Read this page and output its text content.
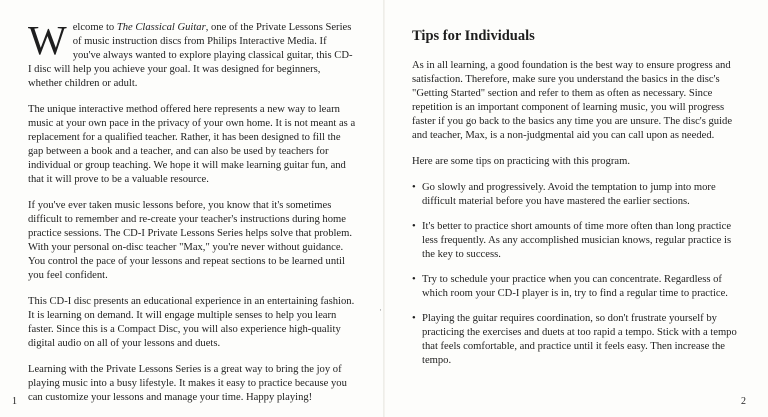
Welcome to The Classical Guitar, one of the Private Lessons Series of music instruction discs from Philips Interactive Media. If you've always wanted to explore playing classical guitar, this CD-I disc will help you achieve your goal. It was designed for beginners, whether children or adult.

The unique interactive method offered here represents a new way to learn music at your own pace in the privacy of your own home. It is not meant as a replacement for a qualified teacher. Rather, it has been designed to fill the gap between a book and a teacher, and can also be used by teachers for individual or group teaching. We hope it will make learning guitar fun, and that it will prove to be a valuable resource.

If you've ever taken music lessons before, you know that it's sometimes difficult to remember and re-create your teacher's instructions during home practice sessions. The CD-I Private Lessons Series helps solve that problem. With your personal on-disc teacher "Max," you're never without guidance. You control the pace of your lessons and repeat sections to be learned until you feel confident.

This CD-I disc presents an educational experience in an entertaining fashion. It is learning on demand. It will engage multiple senses to help you learn faster. Since this is a Compact Disc, you will also experience high-quality digital audio on all of your lessons and duets.

Learning with the Private Lessons Series is a great way to bring the joy of playing music into a busy lifestyle. It makes it easy to practice because you can customize your lessons and manage your time. Happy playing!

1
·
Tips for Individuals

As in all learning, a good foundation is the best way to ensure progress and satisfaction. Therefore, make sure you understand the basics in the disc's "Getting Started" section and refer to them as often as necessary. Since repetition is an important component of learning music, you will progress faster if you go back to the basics any time you are unsure. The disc's guide and teacher, Max, is a non-judgmental aid you can call upon as needed.

Here are some tips on practicing with this program.

• Go slowly and progressively. Avoid the temptation to jump into more difficult material before you have mastered the earlier sections.
• It's better to practice short amounts of time more often than long practice less frequently. As any accomplished musician knows, regular practice is the key to success.
• Try to schedule your practice when you can concentrate. Regardless of which room your CD-I player is in, try to find a regular time to practice.
• Playing the guitar requires coordination, so don't frustrate yourself by practicing the exercises and duets at too rapid a tempo. Stick with a tempo that feels comfortable, and practice until it feels easy. Then increase the tempo.
2
